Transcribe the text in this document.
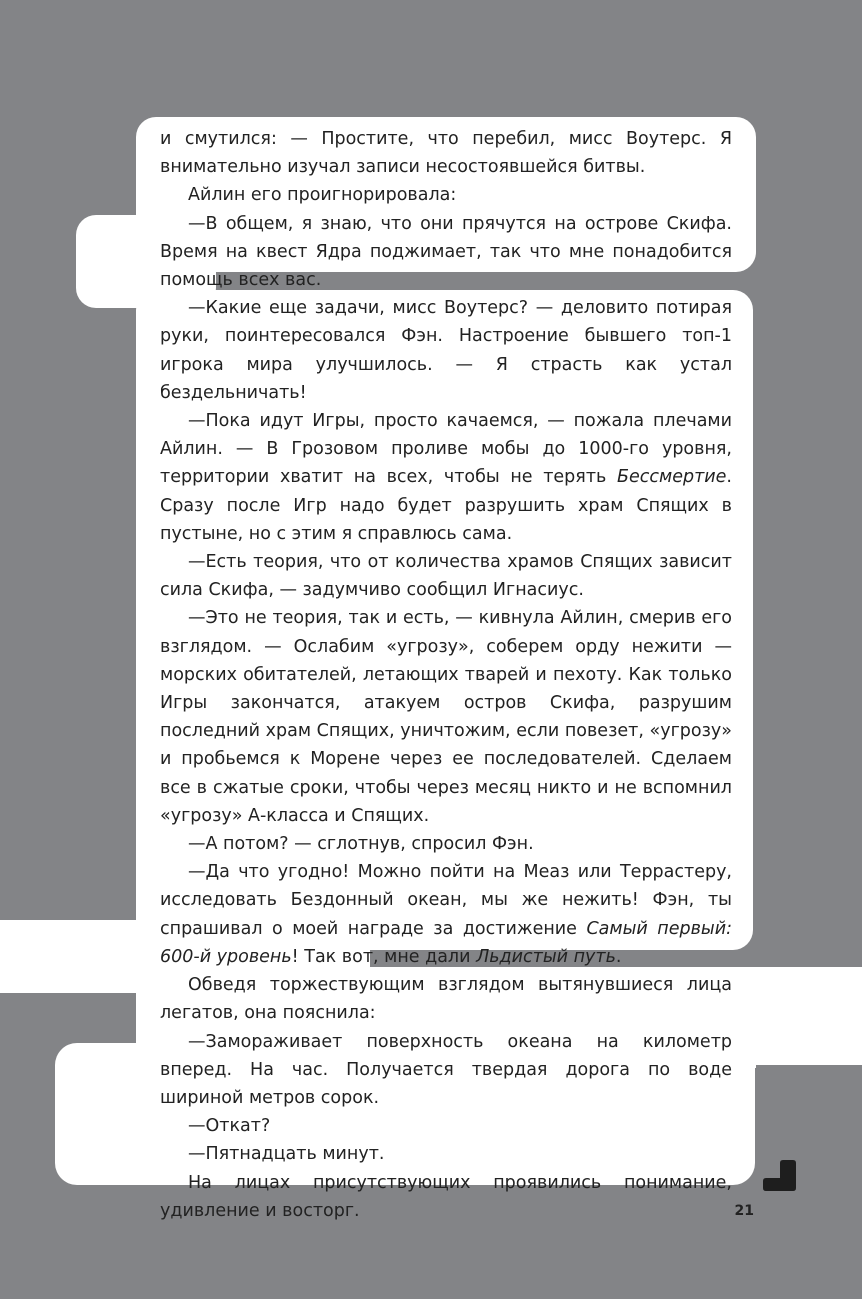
и смутился: — Простите, что перебил, мисс Воутерс. Я внимательно изучал записи несостоявшейся битвы.

Айлин его проигнорировала:

—В общем, я знаю, что они прячутся на острове Скифа. Время на квест Ядра поджимает, так что мне понадобится помощь всех вас.

—Какие еще задачи, мисс Воутерс? — деловито потирая руки, поинтересовался Фэн. Настроение бывшего топ-1 игрока мира улучшилось. — Я страсть как устал бездельничать!

—Пока идут Игры, просто качаемся, — пожала плечами Айлин. — В Грозовом проливе мобы до 1000-го уровня, территории хватит на всех, чтобы не терять Бессмертие. Сразу после Игр надо будет разрушить храм Спящих в пустыне, но с этим я справлюсь сама.

—Есть теория, что от количества храмов Спящих зависит сила Скифа, — задумчиво сообщил Игнасиус.

—Это не теория, так и есть, — кивнула Айлин, смерив его взглядом. — Ослабим «угрозу», соберем орду нежити — морских обитателей, летающих тварей и пехоту. Как только Игры закончатся, атакуем остров Скифа, разрушим последний храм Спящих, уничтожим, если повезет, «угрозу» и пробьемся к Морене через ее последователей. Сделаем все в сжатые сроки, чтобы через месяц никто и не вспомнил «угрозу» А-класса и Спящих.

—А потом? — сглотнув, спросил Фэн.

—Да что угодно! Можно пойти на Меаз или Террастеру, исследовать Бездонный океан, мы же нежить! Фэн, ты спрашивал о моей награде за достижение Самый первый: 600-й уровень! Так вот, мне дали Льдистый путь.

Обведя торжествующим взглядом вытянувшиеся лица легатов, она пояснила:

—Замораживает поверхность океана на километр вперед. На час. Получается твердая дорога по воде шириной метров сорок.

—Откат?

—Пятнадцать минут.

На лицах присутствующих проявились понимание, удивление и восторг.	21
